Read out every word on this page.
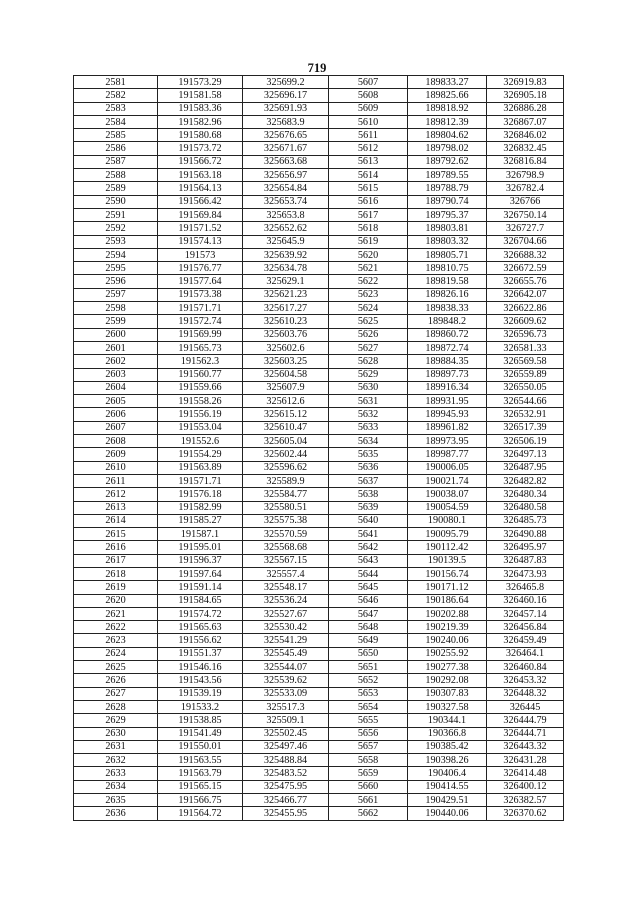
719
2581	191573.29	325699.2	5607	189833.27	326919.83
2582	191581.58	325696.17	5608	189825.66	326905.18
2583	191583.36	325691.93	5609	189818.92	326886.28
2584	191582.96	325683.9	5610	189812.39	326867.07
2585	191580.68	325676.65	5611	189804.62	326846.02
2586	191573.72	325671.67	5612	189798.02	326832.45
2587	191566.72	325663.68	5613	189792.62	326816.84
2588	191563.18	325656.97	5614	189789.55	326798.9
2589	191564.13	325654.84	5615	189788.79	326782.4
2590	191566.42	325653.74	5616	189790.74	326766
2591	191569.84	325653.8	5617	189795.37	326750.14
2592	191571.52	325652.62	5618	189803.81	326727.7
2593	191574.13	325645.9	5619	189803.32	326704.66
2594	191573	325639.92	5620	189805.71	326688.32
2595	191576.77	325634.78	5621	189810.75	326672.59
2596	191577.64	325629.1	5622	189819.58	326655.76
2597	191573.38	325621.23	5623	189826.16	326642.07
2598	191571.71	325617.27	5624	189838.33	326622.86
2599	191572.74	325610.23	5625	189848.2	326609.62
2600	191569.99	325603.76	5626	189860.72	326596.73
2601	191565.73	325602.6	5627	189872.74	326581.33
2602	191562.3	325603.25	5628	189884.35	326569.58
2603	191560.77	325604.58	5629	189897.73	326559.89
2604	191559.66	325607.9	5630	189916.34	326550.05
2605	191558.26	325612.6	5631	189931.95	326544.66
2606	191556.19	325615.12	5632	189945.93	326532.91
2607	191553.04	325610.47	5633	189961.82	326517.39
2608	191552.6	325605.04	5634	189973.95	326506.19
2609	191554.29	325602.44	5635	189987.77	326497.13
2610	191563.89	325596.62	5636	190006.05	326487.95
2611	191571.71	325589.9	5637	190021.74	326482.82
2612	191576.18	325584.77	5638	190038.07	326480.34
2613	191582.99	325580.51	5639	190054.59	326480.58
2614	191585.27	325575.38	5640	190080.1	326485.73
2615	191587.1	325570.59	5641	190095.79	326490.88
2616	191595.01	325568.68	5642	190112.42	326495.97
2617	191596.37	325567.15	5643	190139.5	326487.83
2618	191597.64	325557.4	5644	190156.74	326473.93
2619	191591.14	325548.17	5645	190171.12	326465.8
2620	191584.65	325536.24	5646	190186.64	326460.16
2621	191574.72	325527.67	5647	190202.88	326457.14
2622	191565.63	325530.42	5648	190219.39	326456.84
2623	191556.62	325541.29	5649	190240.06	326459.49
2624	191551.37	325545.49	5650	190255.92	326464.1
2625	191546.16	325544.07	5651	190277.38	326460.84
2626	191543.56	325539.62	5652	190292.08	326453.32
2627	191539.19	325533.09	5653	190307.83	326448.32
2628	191533.2	325517.3	5654	190327.58	326445
2629	191538.85	325509.1	5655	190344.1	326444.79
2630	191541.49	325502.45	5656	190366.8	326444.71
2631	191550.01	325497.46	5657	190385.42	326443.32
2632	191563.55	325488.84	5658	190398.26	326431.28
2633	191563.79	325483.52	5659	190406.4	326414.48
2634	191565.15	325475.95	5660	190414.55	326400.12
2635	191566.75	325466.77	5661	190429.51	326382.57
2636	191564.72	325455.95	5662	190440.06	326370.62
